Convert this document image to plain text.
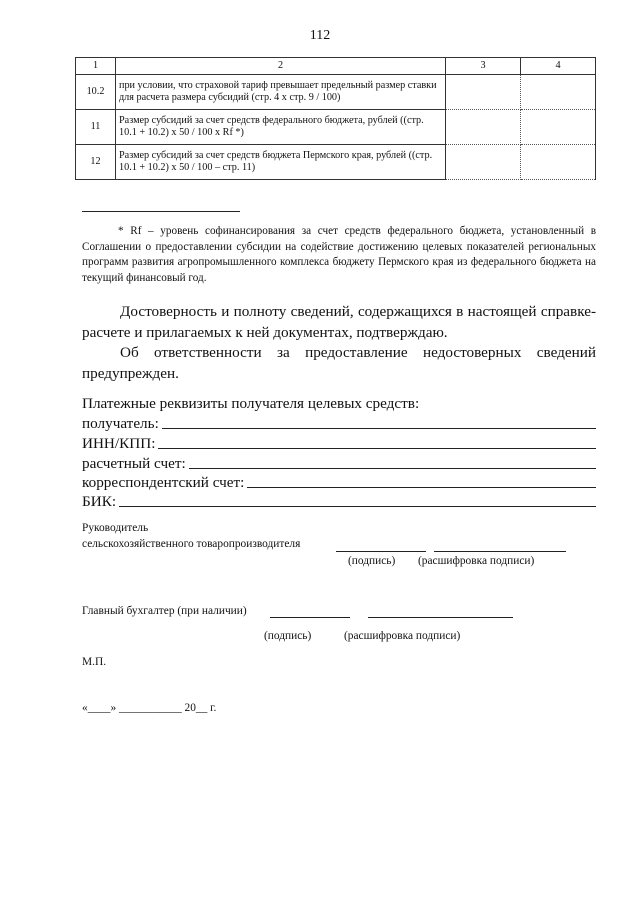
112
1	2	3	4
10.2	при условии, что страховой тариф превышает предельный размер ставки для расчета размера субсидий (стр. 4 x стр. 9 / 100)		
11	Размер субсидий за счет средств федерального бюджета, рублей ((стр. 10.1 + 10.2) x 50 / 100 x Rf *)		
12	Размер субсидий за счет средств бюджета Пермского края, рублей ((стр. 10.1 + 10.2) x 50 / 100 – стр. 11)		
* Rf – уровень софинансирования за счет средств федерального бюджета, установленный в Соглашении о предоставлении субсидии на содействие достижению целевых показателей региональных программ развития агропромышленного комплекса бюджету Пермского края из федерального бюджета на текущий финансовый год.
Достоверность и полноту сведений, содержащихся в настоящей справке-расчете и прилагаемых к ней документах, подтверждаю.
Об ответственности за предоставление недостоверных сведений предупрежден.
Платежные реквизиты получателя целевых средств:
получатель:
ИНН/КПП:
расчетный счет:
корреспондентский счет:
БИК:
Руководитель
сельскохозяйственного товаропроизводителя
(подпись) (расшифровка подписи)
Главный бухгалтер (при наличии)
(подпись)	(расшифровка подписи)
М.П.
«____» ___________ 20__ г.
